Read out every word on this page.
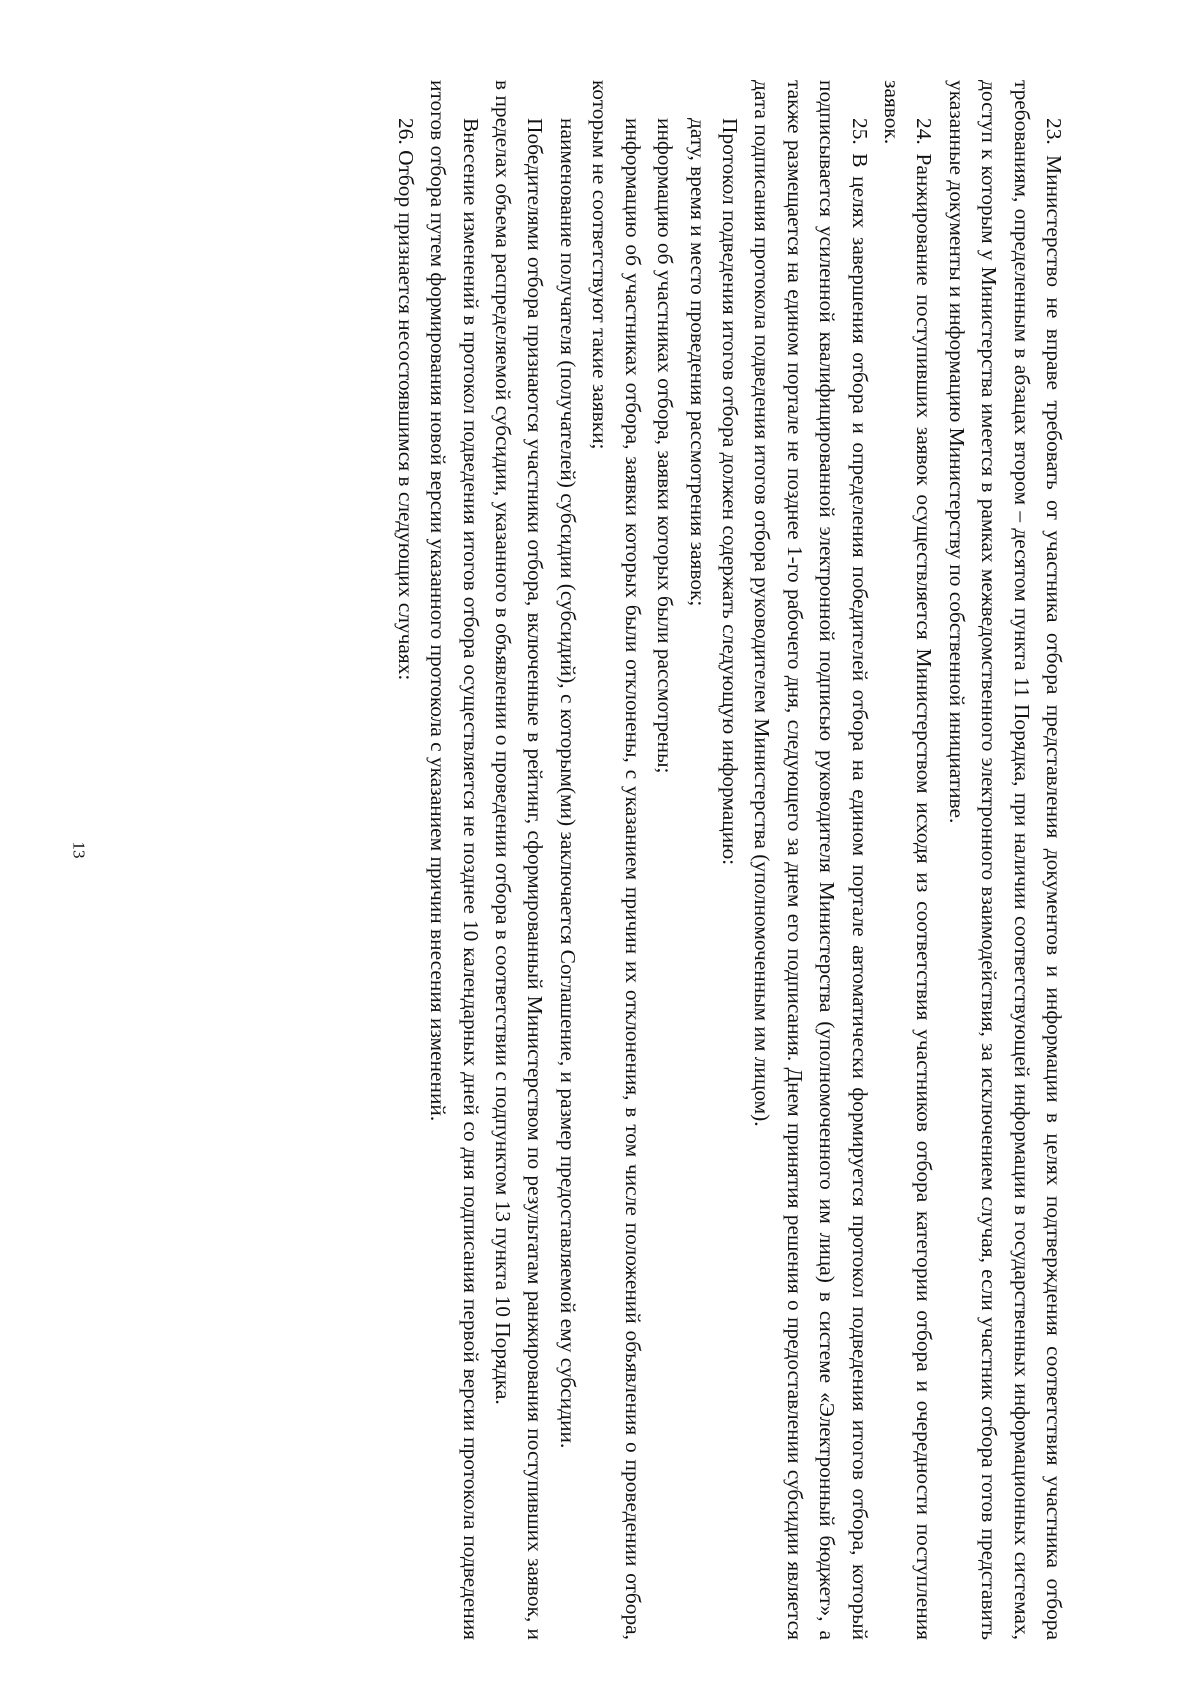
13	23. Министерство не вправе требовать от участника отбора представления документов и информации в целях подтверждения соответствия участника отбора требованиям, определенным в абзацах втором – десятом пункта 11 Порядка, при наличии соответствующей информации в государственных информационных системах, доступ к которым у Министерства имеется в рамках межведомственного электронного взаимодействия, за исключением случая, если участник отбора готов представить указанные документы и информацию Министерству по собственной инициативе.

24. Ранжирование поступивших заявок осуществляется Министерством исходя из соответствия участников отбора категории отбора и очередности поступления заявок.

25. В целях завершения отбора и определения победителей отбора на едином портале автоматически формируется протокол подведения итогов отбора, который подписывается усиленной квалифицированной электронной подписью руководителя Министерства (уполномоченного им лица) в системе «Электронный бюджет», а также размещается на едином портале не позднее 1-го рабочего дня, следующего за днем его подписания. Днем принятия решения о предоставлении субсидии является дата подписания протокола подведения итогов отбора руководителем Министерства (уполномоченным им лицом).

Протокол подведения итогов отбора должен содержать следующую информацию:

дату, время и место проведения рассмотрения заявок;

информацию об участниках отбора, заявки которых были рассмотрены;

информацию об участниках отбора, заявки которых были отклонены, с указанием причин их отклонения, в том числе положений объявления о проведении отбора, которым не соответствуют такие заявки;

наименование получателя (получателей) субсидии (субсидий), с которым(ми) заключается Соглашение, и размер предоставляемой ему субсидии.

Победителями отбора признаются участники отбора, включенные в рейтинг, сформированный Министерством по результатам ранжирования поступивших заявок, и в пределах объема распределяемой субсидии, указанного в объявлении о проведении отбора в соответствии с подпунктом 13 пункта 10 Порядка.

Внесение изменений в протокол подведения итогов отбора осуществляется не позднее 10 календарных дней со дня подписания первой версии протокола подведения итогов отбора путем формирования новой версии указанного протокола с указанием причин внесения изменений.

26. Отбор признается несостоявшимся в следующих случаях:
